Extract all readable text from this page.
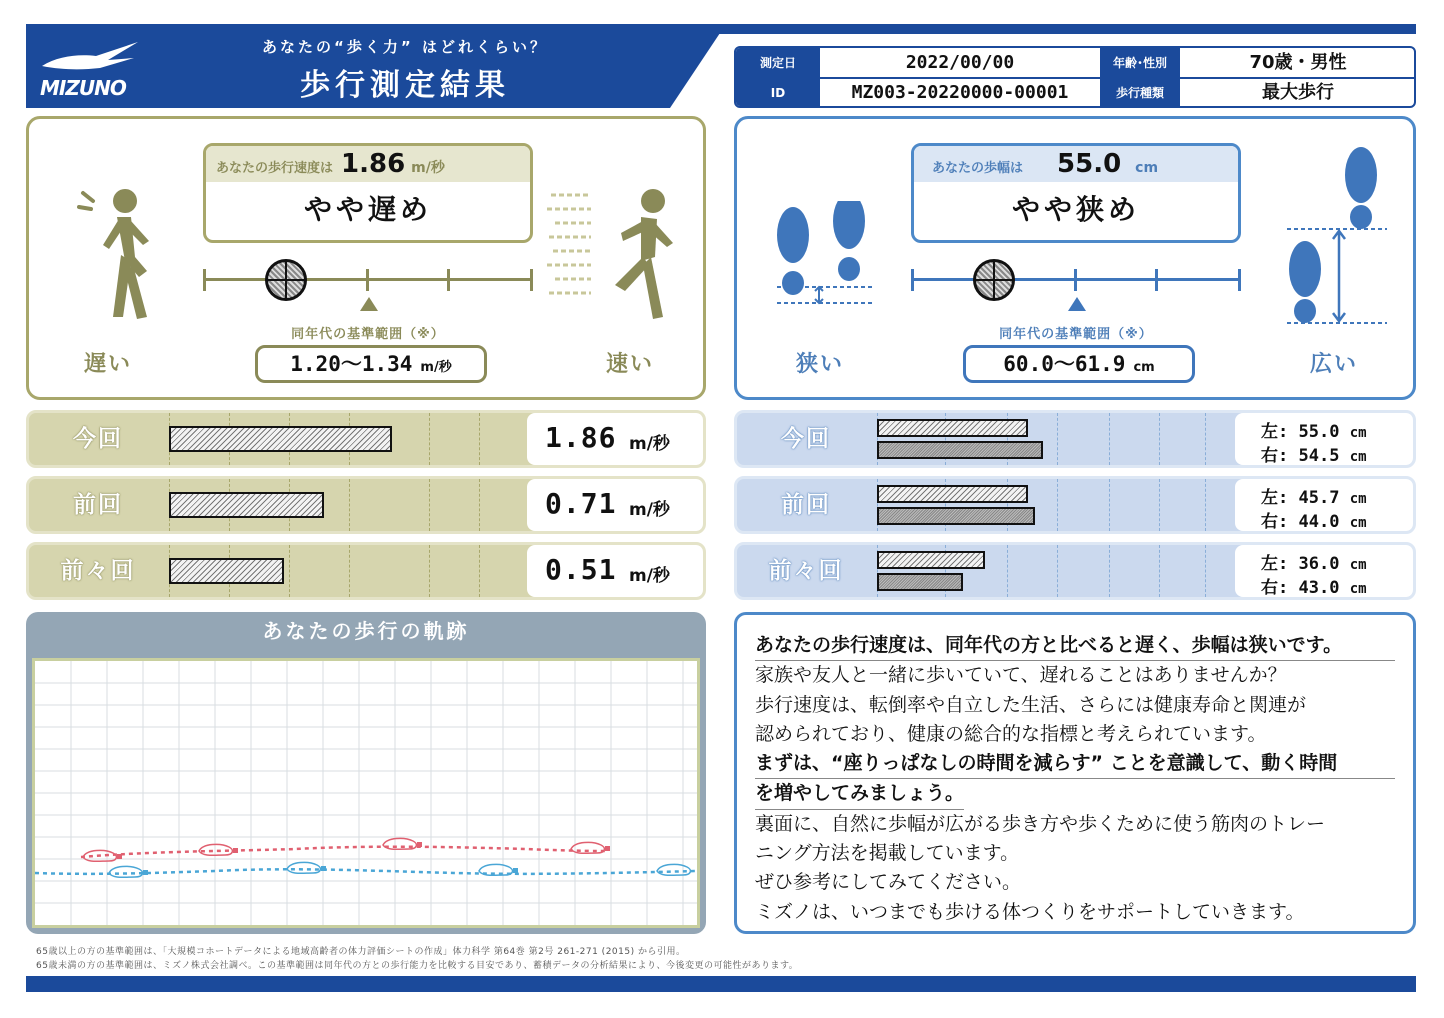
MIZUNO
あなたの“歩く力” はどれくらい？
歩行測定結果
測定日	2022/00/00	年齢･性別	70歳・男性
ID	MZ003-20220000-00001	歩行種類	最大歩行
あなたの歩行速度は 1.86 m/秒
やや遅め
同年代の基準範囲（※）
1.20～1.34 m/秒
遅い	速い
あなたの歩幅は 55.0 cm
やや狭め
同年代の基準範囲（※）
60.0～61.9 cm
狭い	広い
今回	1.86 m/秒
前回	0.71 m/秒
前々回	0.51 m/秒
今回	左: 55.0 cm
右: 54.5 cm
前回	左: 45.7 cm
右: 44.0 cm
前々回	左: 36.0 cm
右: 43.0 cm
あなたの歩行の軌跡

あなたの歩行速度は、同年代の方と比べると遅く、歩幅は狭いです。

家族や友人と一緒に歩いていて、遅れることはありませんか？

歩行速度は、転倒率や自立した生活、さらには健康寿命と関連が

認められており、健康の総合的な指標と考えられています。

まずは、“座りっぱなしの時間を減らす” ことを意識して、動く時間

を増やしてみましょう。

裏面に、自然に歩幅が広がる歩き方や歩くために使う筋肉のトレー

ニング方法を掲載しています。

ぜひ参考にしてみてください。

ミズノは、いつまでも歩ける体つくりをサポートしていきます。

65歳以上の方の基準範囲は、「大規模コホートデータによる地域高齢者の体力評価シートの作成」体力科学 第64巻 第2号 261-271 (2015) から引用。
65歳未満の方の基準範囲は、ミズノ株式会社調べ。この基準範囲は同年代の方との歩行能力を比較する目安であり、蓄積データの分析結果により、今後変更の可能性があります。
